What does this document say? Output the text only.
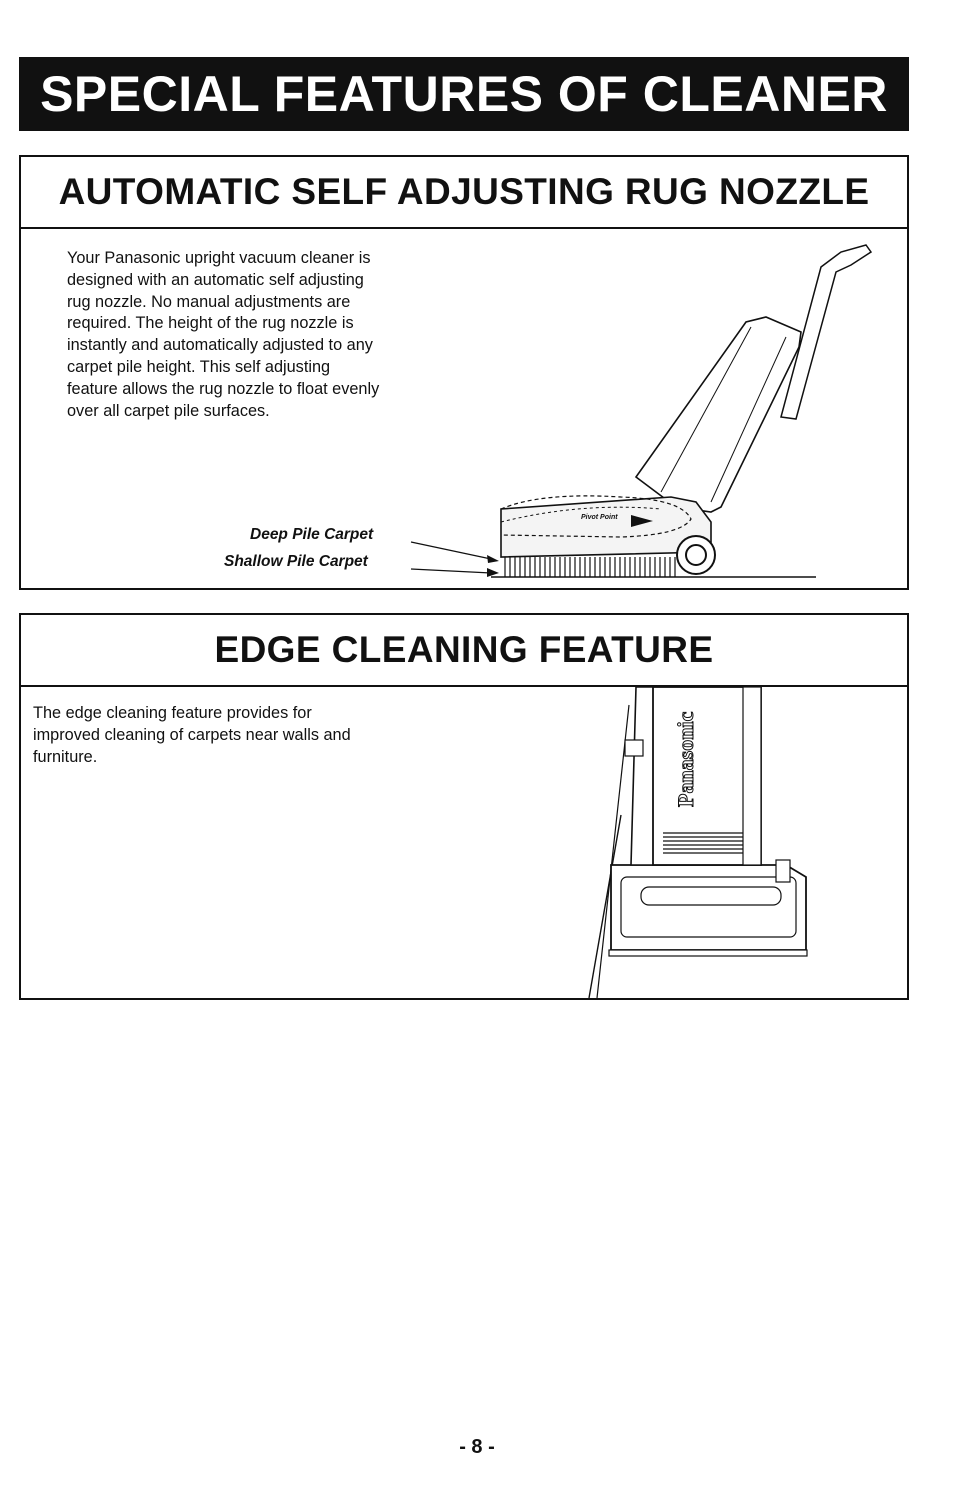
SPECIAL FEATURES OF CLEANER
AUTOMATIC SELF ADJUSTING RUG NOZZLE
Your Panasonic upright vacuum cleaner is
designed with an automatic self adjusting
rug nozzle. No manual adjustments are
required. The height of the rug nozzle is
instantly and automatically adjusted to any
carpet pile height. This self adjusting
feature allows the rug nozzle to float evenly
over all carpet pile surfaces.
Deep Pile Carpet
Shallow Pile Carpet
Pivot Point
EDGE CLEANING FEATURE
The edge cleaning feature provides for
improved cleaning of carpets near walls and
furniture.	Panasonic
- 8 -
